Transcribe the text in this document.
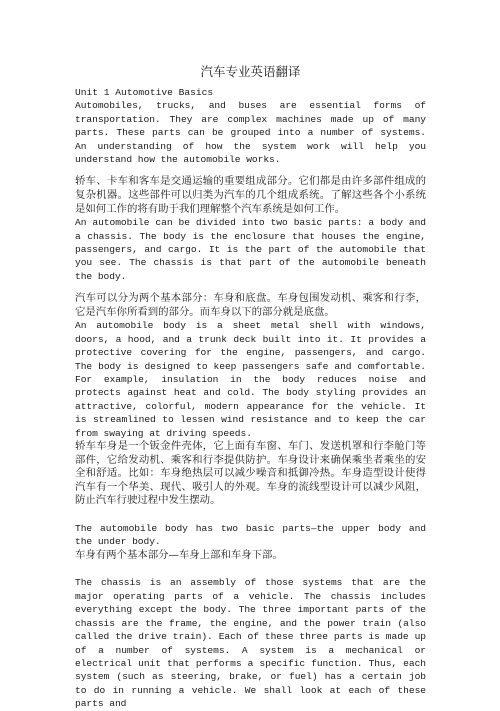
汽车专业英语翻译

Unit 1 Automotive Basics

Automobiles, trucks, and buses are essential forms of transportation. They are complex machines made up of many parts. These parts can be grouped into a number of systems. An understanding of how the system work will help you understand how the automobile works.

轿车、卡车和客车是交通运输的重要组成部分。它们都是由许多部件组成的复杂机器。这些部件可以归类为汽车的几个组成系统。了解这些各个小系统是如何工作的将有助于我们理解整个汽车系统是如何工作。

An automobile can be divided into two basic parts: a body and a chassis. The body is the enclosure that houses the engine, passengers, and cargo. It is the part of the automobile that you see. The chassis is that part of the automobile beneath the body.

汽车可以分为两个基本部分：车身和底盘。车身包围发动机、乘客和行李，它是汽车你所看到的部分。而车身以下的部分就是底盘。

An automobile body is a sheet metal shell with windows, doors, a hood, and a trunk deck built into it. It provides a protective covering for the engine, passengers, and cargo. The body is designed to keep passengers safe and comfortable. For example, insulation in the body reduces noise and protects against heat and cold. The body styling provides an attractive, colorful, modern appearance for the vehicle. It is streamlined to lessen wind resistance and to keep the car from swaying at driving speeds.

轿车车身是一个钣金件壳体，它上面有车窗、车门、发送机罩和行李舱门等部件，它给发动机、乘客和行李提供防护。车身设计来确保乘坐者乘坐的安全和舒适。比如：车身绝热层可以减少噪音和抵御冷热。车身造型设计使得汽车有一个华美、现代、吸引人的外观。车身的流线型设计可以减少风阻，防止汽车行驶过程中发生摆动。

The automobile body has two basic parts—the upper body and the under body.

车身有两个基本部分—车身上部和车身下部。

The chassis is an assembly of those systems that are the major operating parts of a vehicle. The chassis includes everything except the body. The three important parts of the chassis are the frame, the engine, and the power train (also called the drive train). Each of these three parts is made up of a number of systems. A system is a mechanical or electrical unit that performs a specific function. Thus, each system (such as steering, brake, or fuel) has a certain job to do in running a vehicle. We shall look at each of these parts and
